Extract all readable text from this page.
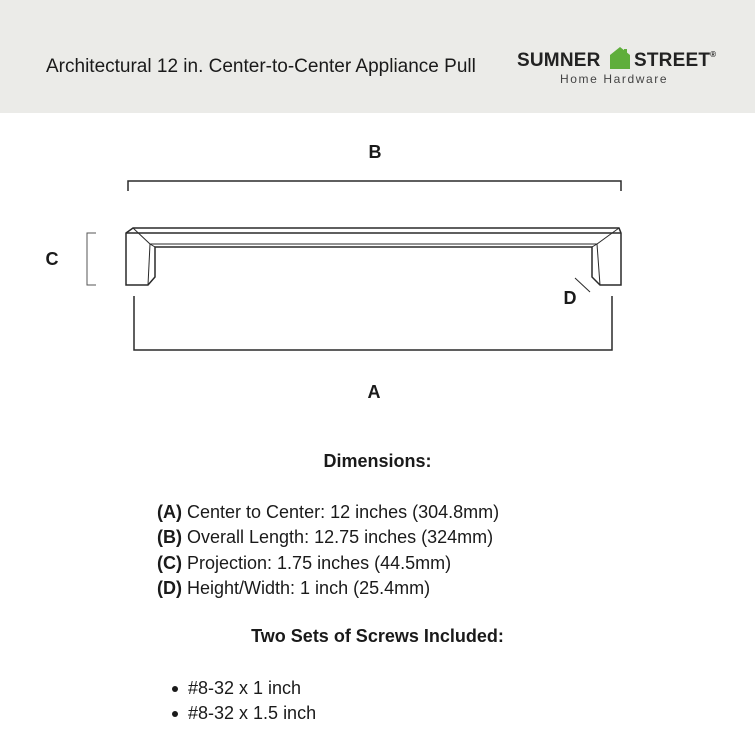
Architectural 12 in. Center-to-Center Appliance Pull SUMNER STREET®
Home Hardware
B
C
D
A
Dimensions:
(A) Center to Center: 12 inches (304.8mm)
(B) Overall Length: 12.75 inches (324mm)
(C) Projection: 1.75 inches (44.5mm)
(D) Height/Width: 1 inch (25.4mm)
Two Sets of Screws Included:
#8-32 x 1 inch
#8-32 x 1.5 inch
